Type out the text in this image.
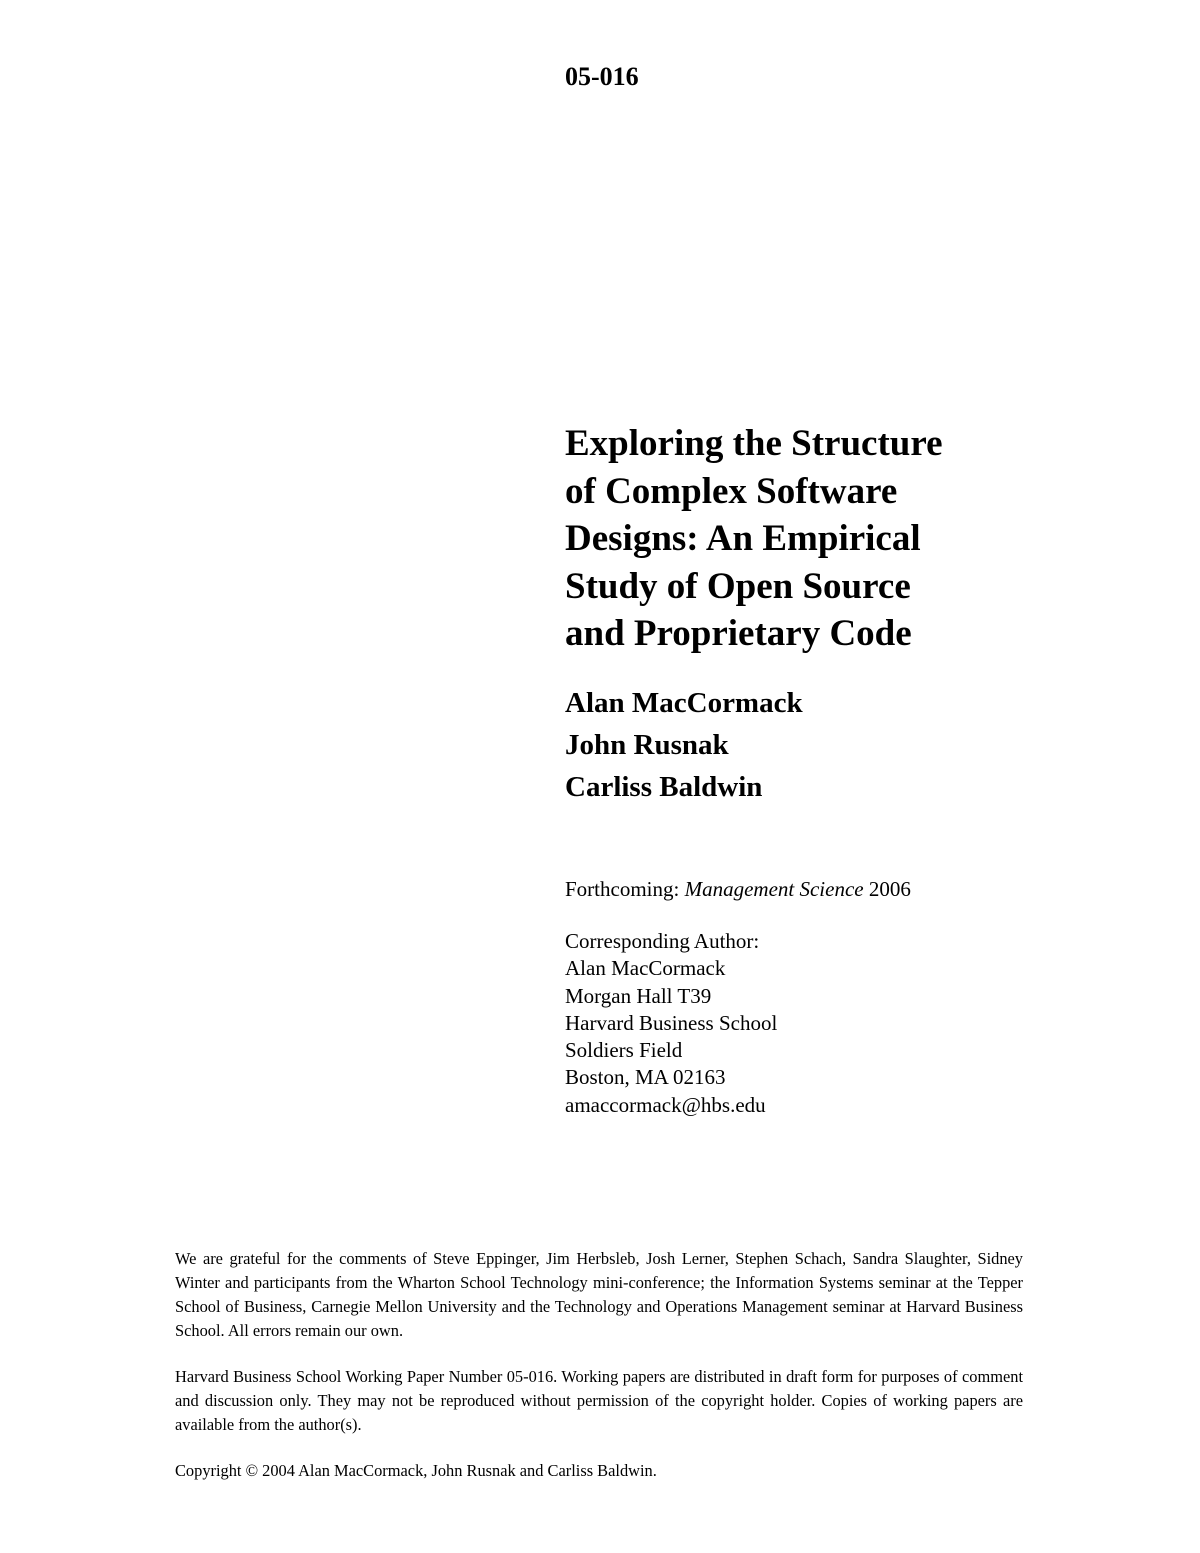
05-016
Exploring the Structure
of Complex Software
Designs: An Empirical
Study of Open Source
and Proprietary Code
Alan MacCormack
John Rusnak
Carliss Baldwin
Forthcoming: Management Science 2006
Corresponding Author:
Alan MacCormack
Morgan Hall T39
Harvard Business School
Soldiers Field
Boston, MA 02163
amaccormack@hbs.edu

We are grateful for the comments of Steve Eppinger, Jim Herbsleb, Josh Lerner, Stephen Schach, Sandra Slaughter, Sidney Winter and participants from the Wharton School Technology mini-conference; the Information Systems seminar at the Tepper School of Business, Carnegie Mellon University and the Technology and Operations Management seminar at Harvard Business School. All errors remain our own.

Harvard Business School Working Paper Number 05-016. Working papers are distributed in draft form for purposes of comment and discussion only. They may not be reproduced without permission of the copyright holder. Copies of working papers are available from the author(s).

Copyright © 2004 Alan MacCormack, John Rusnak and Carliss Baldwin.
